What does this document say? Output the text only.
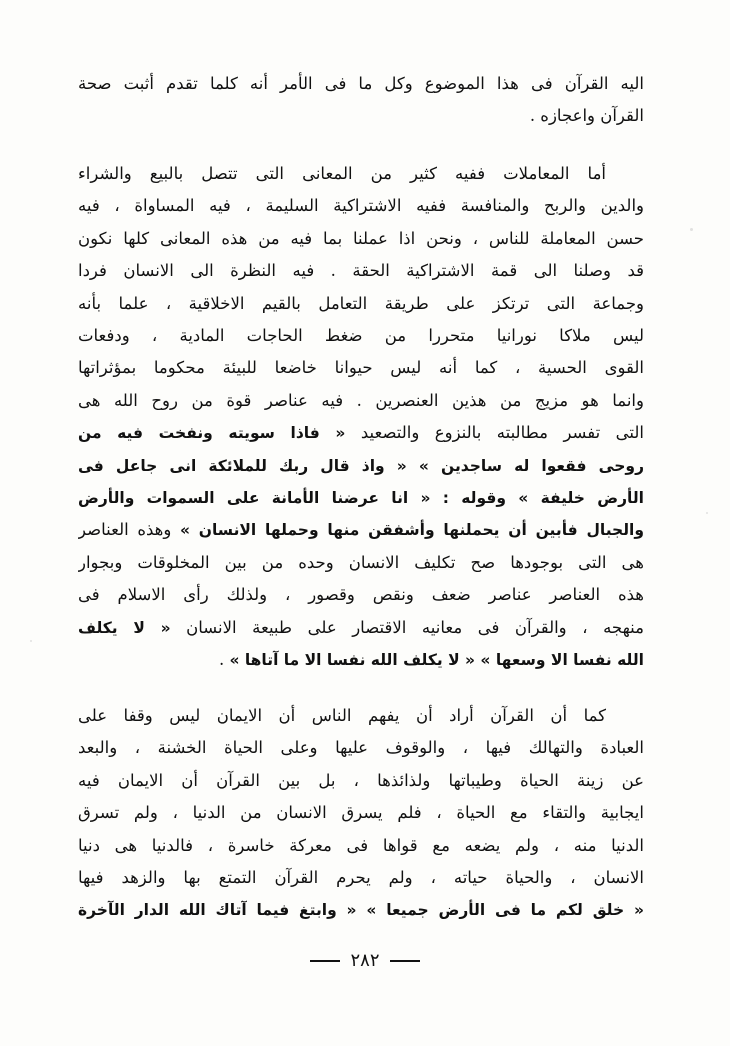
اليه القرآن فى هذا الموضوع وكل ما فى الأمر أنه كلما تقدم أثبت صحة
القرآن واعجازه .
أما المعاملات ففيه كثير من المعانى التى تتصل بالبيع والشراء
والدين والربح والمنافسة ففيه الاشتراكية السليمة ، فيه المساواة ، فيه
حسن المعاملة للناس ، ونحن اذا عملنا بما فيه من هذه المعانى كلها نكون
قد وصلنا الى قمة الاشتراكية الحقة . فيه النظرة الى الانسان فردا
وجماعة التى ترتكز على طريقة التعامل بالقيم الاخلاقية ، علما بأنه
ليس ملاكا نورانيا متحررا من ضغط الحاجات المادية ، ودفعات
القوى الحسية ، كما أنه ليس حيوانا خاضعا للبيئة محكوما بمؤثراتها
وانما هو مزيج من هذين العنصرين . فيه عناصر قوة من روح الله هى
التى تفسر مطالبته بالنزوع والتصعيد « فاذا سويته ونفخت فيه من
روحى فقعوا له ساجدين » « واذ قال ربك للملائكة انى جاعل فى
الأرض خليفة » وقوله : « انا عرضنا الأمانة على السموات والأرض
والجبال فأبين أن يحملنها وأشفقن منها وحملها الانسان » وهذه العناصر
هى التى بوجودها صح تكليف الانسان وحده من بين المخلوقات وبجوار
هذه العناصر عناصر ضعف ونقص وقصور ، ولذلك رأى الاسلام فى
منهجه ، والقرآن فى معانيه الاقتصار على طبيعة الانسان « لا يكلف
الله نفسا الا وسعها » « لا يكلف الله نفسا الا ما آتاها » .
كما أن القرآن أراد أن يفهم الناس أن الايمان ليس وقفا على
العبادة والتهالك فيها ، والوقوف عليها وعلى الحياة الخشنة ، والبعد
عن زينة الحياة وطيباتها ولذائذها ، بل بين القرآن أن الايمان فيه
ايجابية والتقاء مع الحياة ، فلم يسرق الانسان من الدنيا ، ولم تسرق
الدنيا منه ، ولم يضعه مع قواها فى معركة خاسرة ، فالدنيا هى دنيا
الانسان ، والحياة حياته ، ولم يحرم القرآن التمتع بها والزهد فيها
« خلق لكم ما فى الأرض جميعا » « وابتغ فيما آتاك الله الدار الآخرة
٢٨٢
